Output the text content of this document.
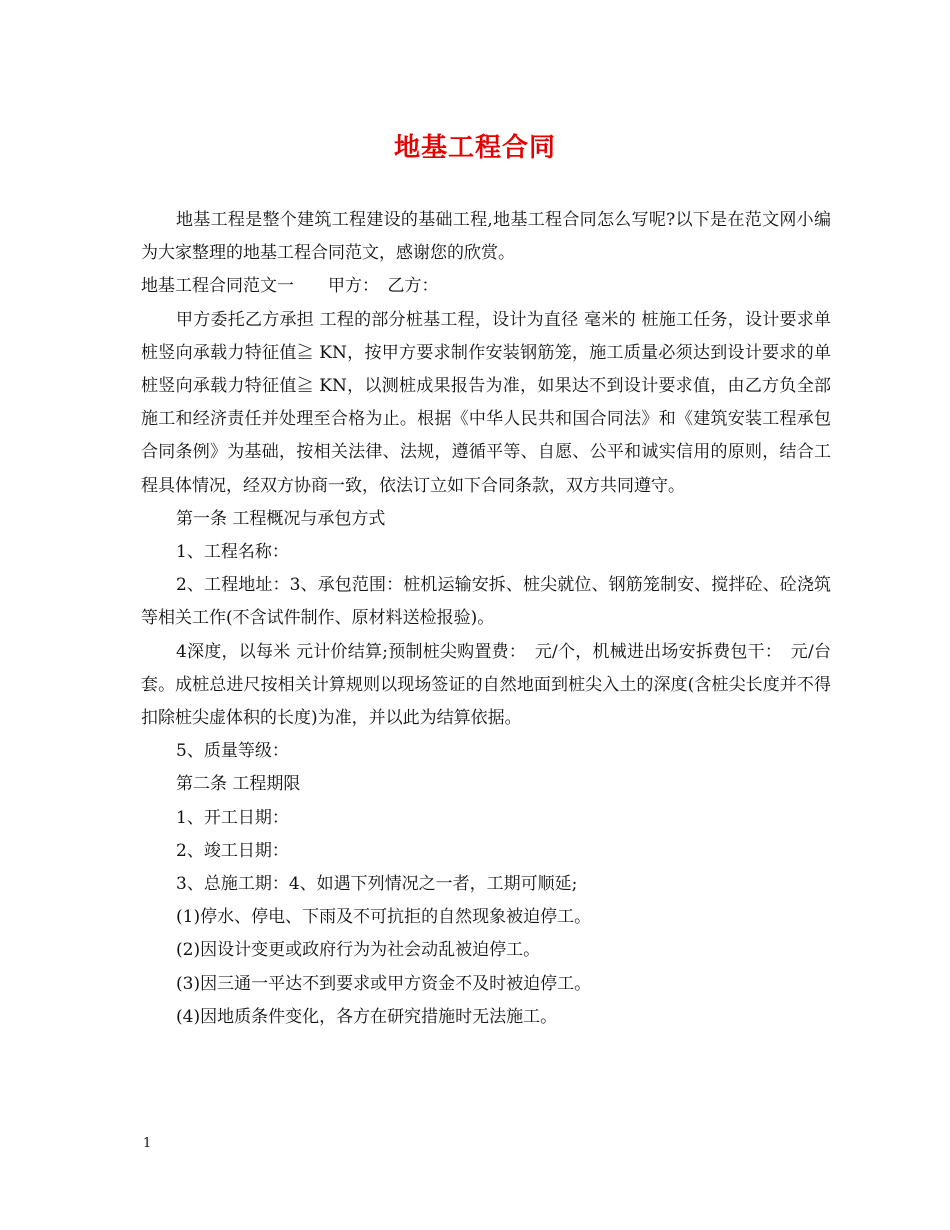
地基工程合同

地基工程是整个建筑工程建设的基础工程,地基工程合同怎么写呢?以下是在范文网小编为大家整理的地基工程合同范文，感谢您的欣赏。

地基工程合同范文一　　甲方：　乙方：

甲方委托乙方承担 工程的部分桩基工程，设计为直径 毫米的 桩施工任务，设计要求单桩竖向承载力特征值≧ KN，按甲方要求制作安装钢筋笼，施工质量必须达到设计要求的单桩竖向承载力特征值≧ KN，以测桩成果报告为准，如果达不到设计要求值，由乙方负全部施工和经济责任并处理至合格为止。根据《中华人民共和国合同法》和《建筑安装工程承包合同条例》为基础，按相关法律、法规，遵循平等、自愿、公平和诚实信用的原则，结合工程具体情况，经双方协商一致，依法订立如下合同条款，双方共同遵守。

第一条 工程概况与承包方式

1、工程名称：

2、工程地址：3、承包范围：桩机运输安拆、桩尖就位、钢筋笼制安、搅拌砼、砼浇筑等相关工作(不含试件制作、原材料送检报验)。

4深度，以每米 元计价结算;预制桩尖购置费：　元/个，机械进出场安拆费包干：　元/台套。成桩总进尺按相关计算规则以现场签证的自然地面到桩尖入土的深度(含桩尖长度并不得扣除桩尖虚体积的长度)为准，并以此为结算依据。

5、质量等级：

第二条 工程期限

1、开工日期：

2、竣工日期：

3、总施工期：4、如遇下列情况之一者，工期可顺延;

(1)停水、停电、下雨及不可抗拒的自然现象被迫停工。

(2)因设计变更或政府行为为社会动乱被迫停工。

(3)因三通一平达不到要求或甲方资金不及时被迫停工。

(4)因地质条件变化，各方在研究措施时无法施工。

1
